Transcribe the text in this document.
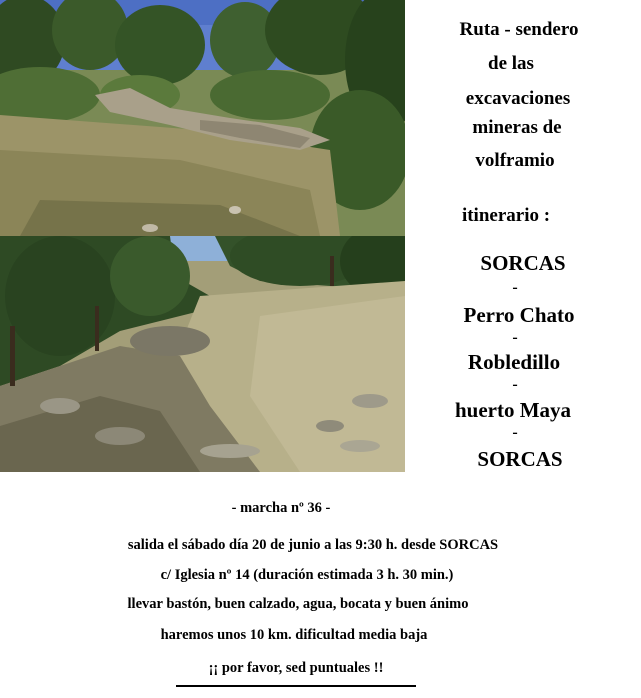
Ruta - sendero
de las
excavaciones
mineras de
volframio
itinerario :
SORCAS
-
Perro Chato
-
Robledillo
-
huerto Maya
-
SORCAS
- marcha nº 36 -
salida el sábado día 20 de junio a las 9:30 h. desde SORCAS
c/ Iglesia nº 14 (duración estimada 3 h. 30 min.)
llevar bastón, buen calzado, agua, bocata y buen ánimo
haremos unos 10 km. dificultad media baja
¡¡ por favor, sed puntuales !!
